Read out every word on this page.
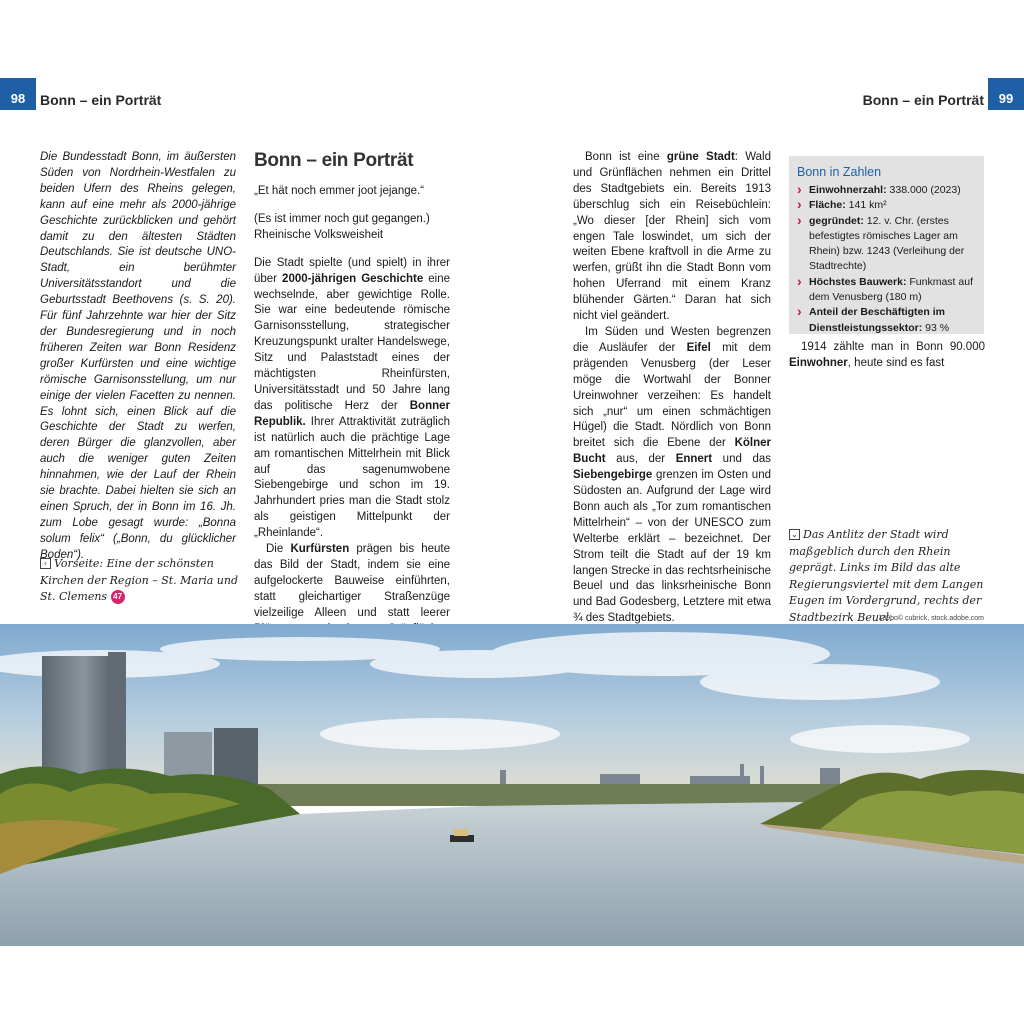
98	Bonn – ein Porträt	Bonn – ein Porträt	99

Die Bundesstadt Bonn, im äußersten Süden von Nordrhein-Westfalen zu beiden Ufern des Rheins gelegen, kann auf eine mehr als 2000-jährige Geschichte zurückblicken und gehört damit zu den ältesten Städten Deutschlands. Sie ist deutsche UNO-Stadt, ein berühmter Universitätsstandort und die Geburtsstadt Beethovens (s. S. 20). Für fünf Jahrzehnte war hier der Sitz der Bundesregierung und in noch früheren Zeiten war Bonn Residenz großer Kurfürsten und eine wichtige römische Garnisonsstellung, um nur einige der vielen Facetten zu nennen. Es lohnt sich, einen Blick auf die Geschichte der Stadt zu werfen, deren Bürger die glanzvollen, aber auch die weniger guten Zeiten hinnahmen, wie der Lauf der Rhein sie brachte. Dabei hielten sie sich an einen Spruch, der in Bonn im 16. Jh. zum Lobe gesagt wurde: „Bonna solum felix“ („Bonn, du glücklicher Boden“).

‹ Vorseite: Eine der schönsten Kirchen der Region – St. Maria und St. Clemens 47
Bonn – ein Porträt

„Et hät noch emmer joot jejange.“

(Es ist immer noch gut gegangen.)

Rheinische Volksweisheit

Die Stadt spielte (und spielt) in ihrer über 2000-jährigen Geschichte eine wechselnde, aber gewichtige Rolle. Sie war eine bedeutende römische Garnisonsstellung, strategischer Kreuzungspunkt uralter Handelswege, Sitz und Palaststadt eines der mächtigsten Rheinfürsten, Universitätsstadt und 50 Jahre lang das politische Herz der Bonner Republik. Ihrer Attraktivität zuträglich ist natürlich auch die prächtige Lage am romantischen Mittelrhein mit Blick auf das sagenumwobene Siebengebirge und schon im 19. Jahrhundert pries man die Stadt stolz als geistigen Mittelpunkt der „Rheinlande“.

Die Kurfürsten prägen bis heute das Bild der Stadt, indem sie eine aufgelockerte Bauweise einführten, statt gleichartiger Straßenzüge vielzeilige Alleen und statt leerer

Bonn ist eine grüne Stadt: Wald und Grünflächen nehmen ein Drittel des Stadtgebiets ein. Bereits 1913 überschlug sich ein Reisebüchlein: „Wo dieser [der Rhein] sich vom engen Tale loswindet, um sich der weiten Ebene kraftvoll in die Arme zu werfen, grüßt ihn die Stadt Bonn vom hohen Uferrand mit einem Kranz blühender Gärten.“ Daran hat sich nicht viel geändert.

Im Süden und Westen begrenzen die Ausläufer der Eifel mit dem prägenden Venusberg (der Leser möge die Wortwahl der Bonner Ureinwohner verzeihen: Es handelt sich „nur“ um einen schmächtigen Hügel) die Stadt. Nördlich von Bonn breitet sich die Ebene der Kölner Bucht aus, der Ennert und das Siebengebirge grenzen im Osten und Südosten an. Aufgrund der Lage wird Bonn auch als „Tor zum romantischen Mittelrhein“ – von der UNESCO zum Welterbe erklärt – bezeichnet. Der Strom teilt die Stadt auf der 19 km langen Strecke in das rechtsrheinische Beuel und das linksrheinische Bonn und Bad Godesberg, Letztere mit etwa ¾ des Stadtgebiets.

Bonn in Zahlen
› Einwohnerzahl: 338.000 (2023)
› Fläche: 141 km²
› gegründet: 12. v. Chr. (erstes befestigtes römisches Lager am Rhein) bzw. 1243 (Verleihung der Stadtrechte)
› Höchstes Bauwerk: Funkmast auf dem Venusberg (180 m)
› Anteil der Beschäftigten im Dienstleistungssektor: 93 %

1914 zählte man in Bonn 90.000 Einwohner, heute sind es fast

⌄ Das Antlitz der Stadt wird maßgeblich durch den Rhein geprägt. Links im Bild das alte Regierungsviertel mit dem Langen Eugen im Vordergrund, rechts der Stadtbezirk Beuel.
139bo© cubrick, stock.adobe.com
